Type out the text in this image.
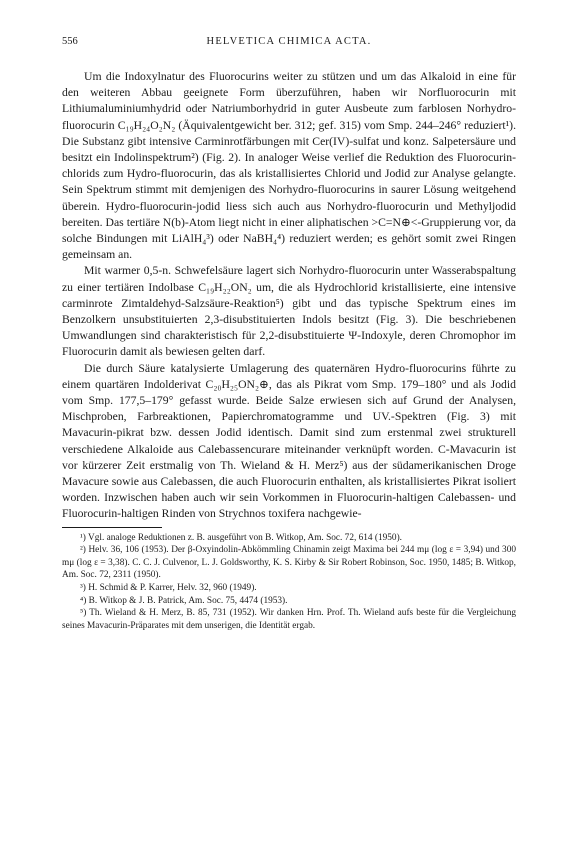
556	HELVETICA CHIMICA ACTA.

Um die Indoxylnatur des Fluorocurins weiter zu stützen und um das Alkaloid in eine für den weiteren Abbau geeignete Form überzuführen, haben wir Norfluorocurin mit Lithiumaluminiumhydrid oder Natriumborhydrid in guter Ausbeute zum farblosen Norhydro-fluorocurin C₁₉H₂₄O₂N₂ (Äquivalentgewicht ber. 312; gef. 315) vom Smp. 244–246° reduziert¹). Die Substanz gibt intensive Carminrotfärbungen mit Cer(IV)-sulfat und konz. Salpetersäure und besitzt ein Indolinspektrum²) (Fig. 2). In analoger Weise verlief die Reduktion des Fluorocurin-chlorids zum Hydro-fluorocurin, das als kristallisiertes Chlorid und Jodid zur Analyse gelangte. Sein Spektrum stimmt mit demjenigen des Norhydro-fluorocurins in saurer Lösung weitgehend überein. Hydro-fluorocurin-jodid liess sich auch aus Norhydro-fluorocurin und Methyljodid bereiten. Das tertiäre N(b)-Atom liegt nicht in einer aliphatischen >C=N⊕<-Gruppierung vor, da solche Bindungen mit LiAlH₄³) oder NaBH₄⁴) reduziert werden; es gehört somit zwei Ringen gemeinsam an.

Mit warmer 0,5-n. Schwefelsäure lagert sich Norhydro-fluorocurin unter Wasserabspaltung zu einer tertiären Indolbase C₁₉H₂₂ON₂ um, die als Hydrochlorid kristallisierte, eine intensive carminrote Zimtaldehyd-Salzsäure-Reaktion⁵) gibt und das typische Spektrum eines im Benzolkern unsubstituierten 2,3-disubstituierten Indols besitzt (Fig. 3). Die beschriebenen Umwandlungen sind charakteristisch für 2,2-disubstituierte Ψ-Indoxyle, deren Chromophor im Fluorocurin damit als bewiesen gelten darf.

Die durch Säure katalysierte Umlagerung des quaternären Hydro-fluorocurins führte zu einem quartären Indolderivat C₂₀H₂₅ON₂⊕, das als Pikrat vom Smp. 179–180° und als Jodid vom Smp. 177,5–179° gefasst wurde. Beide Salze erwiesen sich auf Grund der Analysen, Mischproben, Farbreaktionen, Papierchromatogramme und UV.-Spektren (Fig. 3) mit Mavacurin-pikrat bzw. dessen Jodid identisch. Damit sind zum erstenmal zwei strukturell verschiedene Alkaloide aus Calebassencurare miteinander verknüpft worden. C-Mavacurin ist vor kürzerer Zeit erstmalig von Th. Wieland & H. Merz⁵) aus der südamerikanischen Droge Mavacure sowie aus Calebassen, die auch Fluorocurin enthalten, als kristallisiertes Pikrat isoliert worden. Inzwischen haben auch wir sein Vorkommen in Fluorocurin-haltigen Calebassen- und Fluorocurin-haltigen Rinden von Strychnos toxifera nachgewie-

¹) Vgl. analoge Reduktionen z. B. ausgeführt von B. Witkop, Am. Soc. 72, 614 (1950).

²) Helv. 36, 106 (1953). Der β-Oxyindolin-Abkömmling Chinamin zeigt Maxima bei 244 mμ (log ε = 3,94) und 300 mμ (log ε = 3,38). C. C. J. Culvenor, L. J. Goldsworthy, K. S. Kirby & Sir Robert Robinson, Soc. 1950, 1485; B. Witkop, Am. Soc. 72, 2311 (1950).

³) H. Schmid & P. Karrer, Helv. 32, 960 (1949).

⁴) B. Witkop & J. B. Patrick, Am. Soc. 75, 4474 (1953).

⁵) Th. Wieland & H. Merz, B. 85, 731 (1952). Wir danken Hrn. Prof. Th. Wieland aufs beste für die Vergleichung seines Mavacurin-Präparates mit dem unserigen, die Identität ergab.
